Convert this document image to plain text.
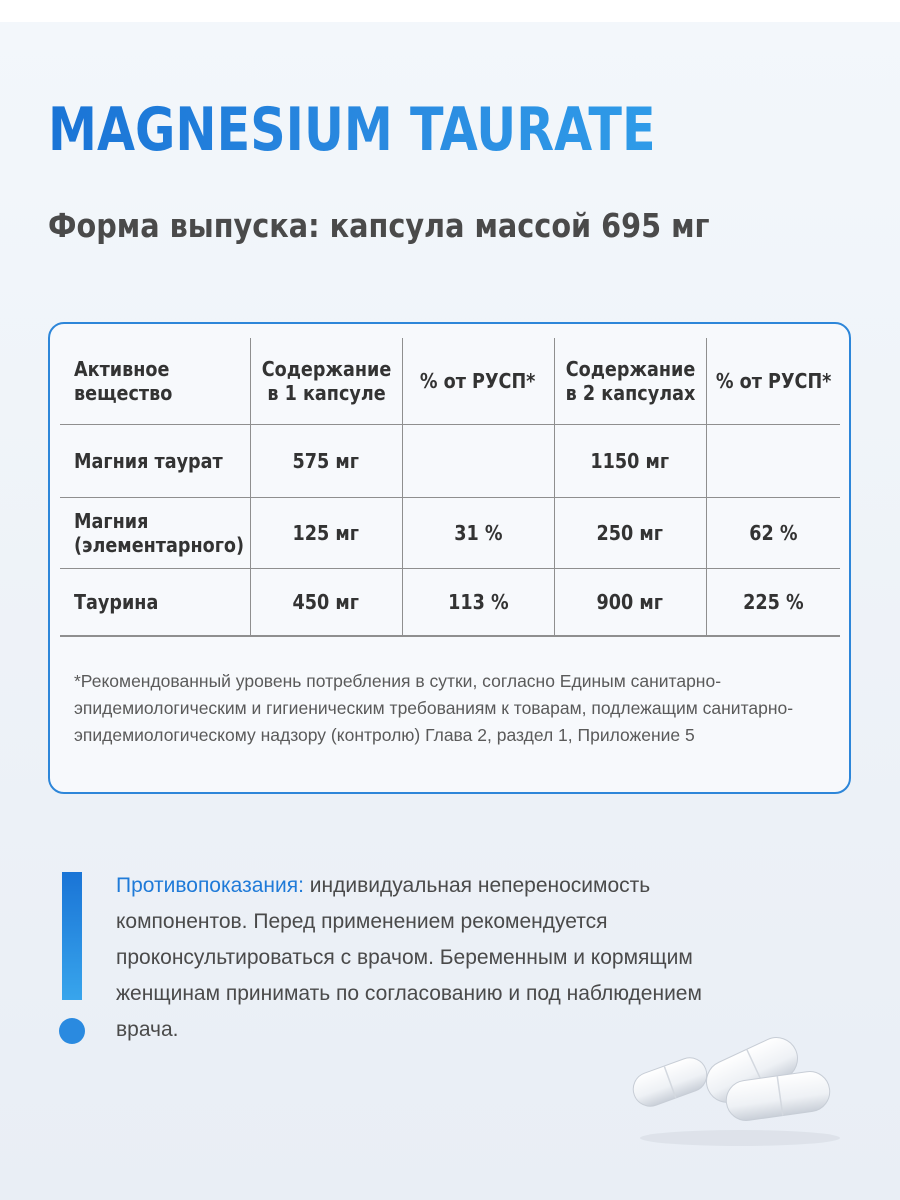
MAGNESIUM TAURATE
Форма выпуска: капсула массой 695 мг
Активное вещество	Содержание в 1 капсуле	% от РУСП*	Содержание в 2 капсулах	% от РУСП*
Магния таурат	575 мг		1150 мг	
Магния (элементарного)	125 мг	31 %	250 мг	62 %
Таурина	450 мг	113 %	900 мг	225 %

*Рекомендованный уровень потребления в сутки, согласно Единым санитарно-эпидемиологическим и гигиеническим требованиям к товарам, подлежащим санитарно-эпидемиологическому надзору (контролю) Глава 2, раздел 1, Приложение 5

Противопоказания: индивидуальная непереносимость компонентов. Перед применением рекомендуется проконсультироваться с врачом. Беременным и кормящим женщинам принимать по согласованию и под наблюдением врача.
